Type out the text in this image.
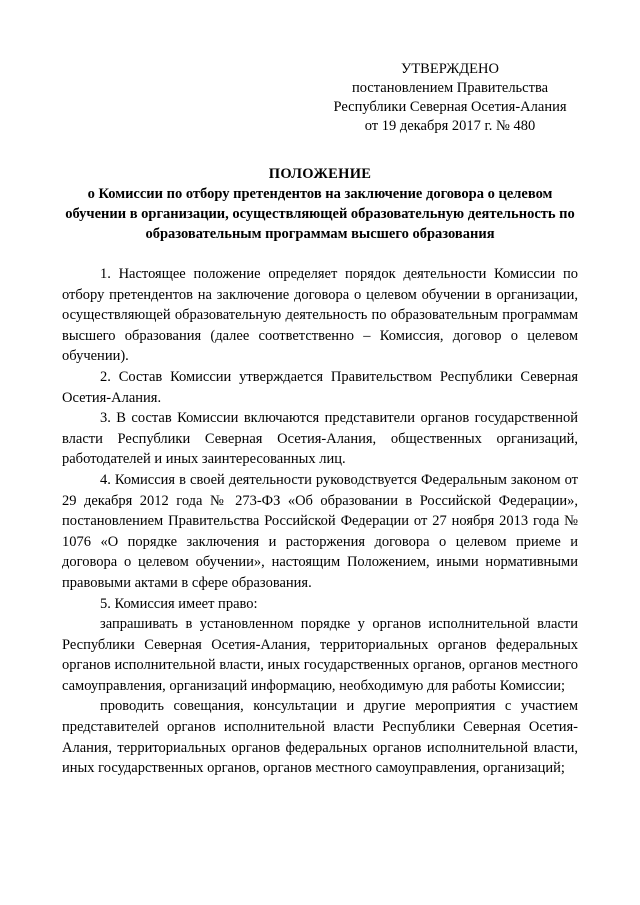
УТВЕРЖДЕНО
постановлением Правительства
Республики Северная Осетия-Алания
от 19 декабря 2017 г. № 480
ПОЛОЖЕНИЕ
о Комиссии по отбору претендентов на заключение договора о целевом обучении в организации, осуществляющей образовательную деятельность по образовательным программам высшего образования

1. Настоящее положение определяет порядок деятельности Комиссии по отбору претендентов на заключение договора о целевом обучении в организации, осуществляющей образовательную деятельность по образовательным программам высшего образования (далее соответственно – Комиссия, договор о целевом обучении).

2. Состав Комиссии утверждается Правительством Республики Северная Осетия-Алания.

3. В состав Комиссии включаются представители органов государственной власти Республики Северная Осетия-Алания, общественных организаций, работодателей и иных заинтересованных лиц.

4. Комиссия в своей деятельности руководствуется Федеральным законом от 29 декабря 2012 года № 273-ФЗ «Об образовании в Российской Федерации», постановлением Правительства Российской Федерации от 27 ноября 2013 года № 1076 «О порядке заключения и расторжения договора о целевом приеме и договора о целевом обучении», настоящим Положением, иными нормативными правовыми актами в сфере образования.

5. Комиссия имеет право:

запрашивать в установленном порядке у органов исполнительной власти Республики Северная Осетия-Алания, территориальных органов федеральных органов исполнительной власти, иных государственных органов, органов местного самоуправления, организаций информацию, необходимую для работы Комиссии;

проводить совещания, консультации и другие мероприятия с участием представителей органов исполнительной власти Республики Северная Осетия-Алания, территориальных органов федеральных органов исполнительной власти, иных государственных органов, органов местного самоуправления, организаций;
